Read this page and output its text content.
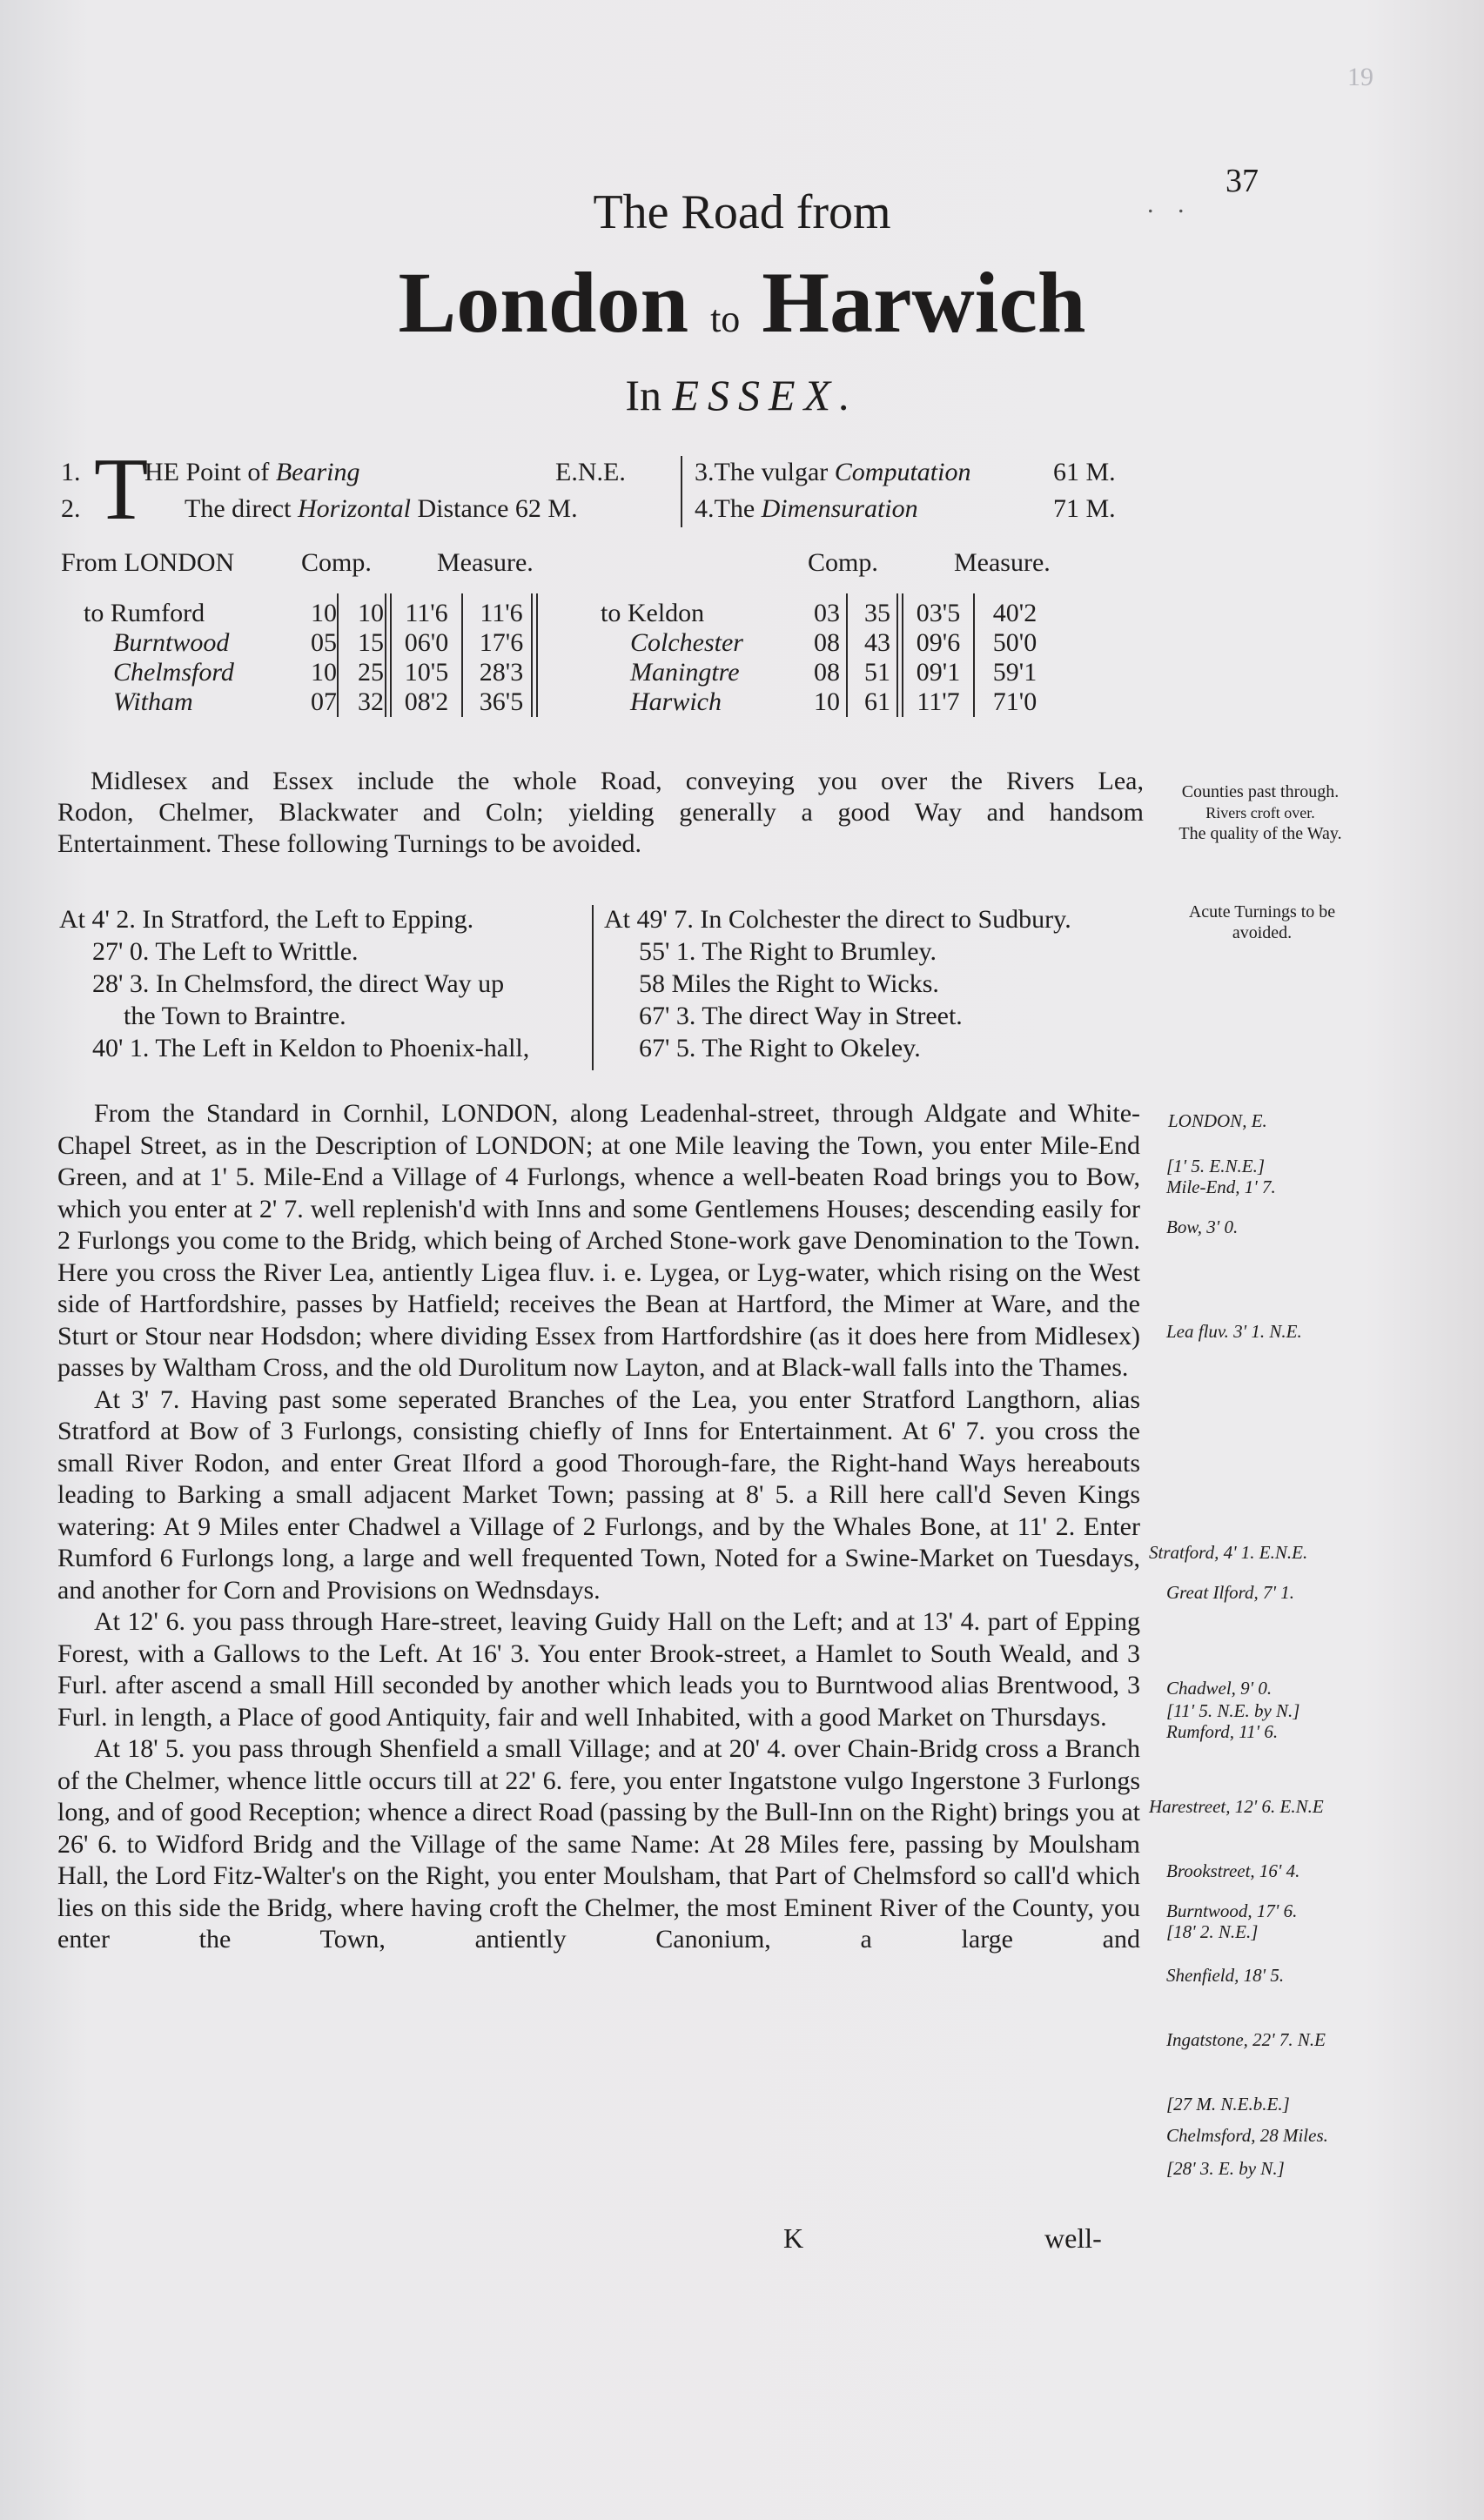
19
37
. .
The Road from
London to Harwich
In ESSEX.
1.
2. T
HE Point of Bearing	E.N.E.
The direct Horizontal Distance 62 M.
3.The vulgar Computation	61 M.
4.The Dimensuration	71 M.
From LONDON	Comp.	Measure.	Comp.	Measure.
to Rumford	10 10 11'6 11'6
Burntwood	05 15 06'0 17'6
Chelmsford	10 25 10'5 28'3
Witham	07 32 08'2 36'5
to Keldon	03 35 03'5 40'2
Colchester	08 43 09'6 50'0
Maningtre	08 51 09'1 59'1
Harwich	10 61	11'7 71'0

Midlesex and Essex include the whole Road, conveying you over the Rivers Lea,

Rodon, Chelmer, Blackwater and Coln; yielding generally a good Way and handsom

Entertainment. These following Turnings to be avoided.

Counties past through.
Rivers croft over.
The quality of the Way.
At 4' 2. In Stratford, the Left to Epping.
27' 0. The Left to Writtle.
28' 3. In Chelmsford, the direct Way up
the Town to Braintre.
40' 1. The Left in Keldon to Phoenix-hall,
At 49' 7. In Colchester the direct to Sudbury.
55' 1. The Right to Brumley.
58 Miles the Right to Wicks.
67' 3. The direct Way in Street.
67' 5. The Right to Okeley.
Acute Turnings to be avoided.

From the Standard in Cornhil, LONDON, along Leadenhal-street, through Aldgate and White-Chapel Street, as in the Description of LONDON; at one Mile leaving the Town, you enter Mile-End Green, and at 1' 5. Mile-End a Village of 4 Furlongs, whence a well-beaten Road brings you to Bow, which you enter at 2' 7. well replenish'd with Inns and some Gentlemens Houses; descending easily for 2 Furlongs you come to the Bridg, which being of Arched Stone-work gave Denomination to the Town. Here you cross the River Lea, antiently Ligea fluv. i. e. Lygea, or Lyg-water, which rising on the West side of Hartfordshire, passes by Hatfield; receives the Bean at Hartford, the Mimer at Ware, and the Sturt or Stour near Hodsdon; where dividing Essex from Hartfordshire (as it does here from Midlesex) passes by Waltham Cross, and the old Durolitum now Layton, and at Black-wall falls into the Thames.

At 3' 7. Having past some seperated Branches of the Lea, you enter Stratford Langthorn, alias Stratford at Bow of 3 Furlongs, consisting chiefly of Inns for Entertainment. At 6' 7. you cross the small River Rodon, and enter Great Ilford a good Thorough-fare, the Right-hand Ways hereabouts leading to Barking a small adjacent Market Town; passing at 8' 5. a Rill here call'd Seven Kings watering: At 9 Miles enter Chadwel a Village of 2 Furlongs, and by the Whales Bone, at 11' 2. Enter Rumford 6 Furlongs long, a large and well frequented Town, Noted for a Swine-Market on Tuesdays, and another for Corn and Provisions on Wednsdays.

At 12' 6. you pass through Hare-street, leaving Guidy Hall on the Left; and at 13' 4. part of Epping Forest, with a Gallows to the Left. At 16' 3. You enter Brook-street, a Hamlet to South Weald, and 3 Furl. after ascend a small Hill seconded by another which leads you to Burntwood alias Brentwood, 3 Furl. in length, a Place of good Antiquity, fair and well Inhabited, with a good Market on Thursdays.

At 18' 5. you pass through Shenfield a small Village; and at 20' 4. over Chain-Bridg cross a Branch of the Chelmer, whence little occurs till at 22' 6. fere, you enter Ingatstone vulgo Ingerstone 3 Furlongs long, and of good Reception; whence a direct Road (passing by the Bull-Inn on the Right) brings you at 26' 6. to Widford Bridg and the Village of the same Name: At 28 Miles fere, passing by Moulsham Hall, the Lord Fitz-Walter's on the Right, you enter Moulsham, that Part of Chelmsford so call'd which lies on this side the Bridg, where having croft the Chelmer, the most Eminent River of the County, you enter the Town, antiently Canonium, a large and

LONDON, E.
[1' 5. E.N.E.]
Mile-End, 1' 7.
Bow, 3' 0.
Lea fluv. 3' 1. N.E.
Stratford, 4' 1. E.N.E.
Great Ilford, 7' 1.
Chadwel, 9' 0.
[11' 5. N.E. by N.]
Rumford, 11' 6.
Harestreet, 12' 6. E.N.E
Brookstreet, 16' 4.
Burntwood, 17' 6.
[18' 2. N.E.]
Shenfield, 18' 5.
Ingatstone, 22' 7. N.E
[27 M. N.E.b.E.]
Chelmsford, 28 Miles.
[28' 3. E. by N.]
K	well-
